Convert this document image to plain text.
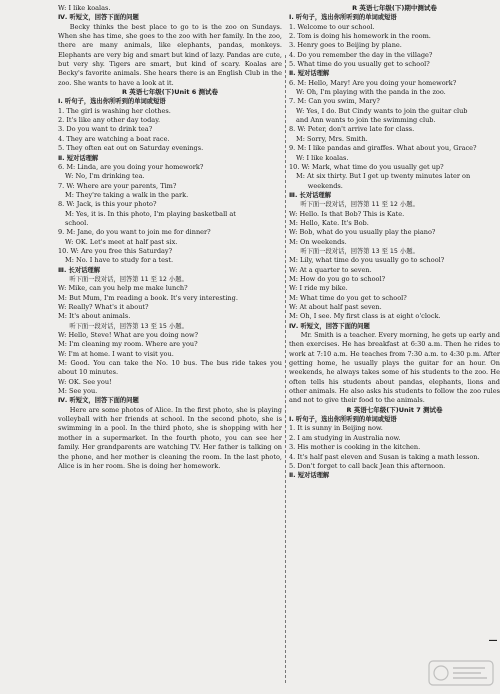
W: I like koalas.
Ⅳ. 听短文，回答下面的问题
Becky thinks the best place to go to is the zoo on Sundays. When she has time, she goes to the zoo with her family. In the zoo, there are many animals, like elephants, pandas, monkeys. Elephants are very big and smart but kind of lazy. Pandas are cute, but very shy. Tigers are smart, but kind of scary. Koalas are Becky's favorite animals. She hears there is an English Club in the zoo. She wants to have a look at it.
R 英语七年级(下)Unit 6 测试卷
Ⅰ. 听句子，选出你所听到的单词或短语
1. The girl is washing her clothes.
2. It's like any other day today.
3. Do you want to drink tea?
4. They are watching a boat race.
5. They often eat out on Saturday evenings.
Ⅱ. 短对话理解
6. M: Linda, are you doing your homework?
W: No, I'm drinking tea.
7. W: Where are your parents, Tim?
M: They're taking a walk in the park.
8. W: Jack, is this your photo?
M: Yes, it is. In this photo, I'm playing basketball at
school.
9. M: Jane, do you want to join me for dinner?
W: OK. Let's meet at half past six.
10. W: Are you free this Saturday?
M: No. I have to study for a test.
Ⅲ. 长对话理解
听下面一段对话，回答第 11 至 12 小题。
W: Mike, can you help me make lunch?
M: But Mum, I'm reading a book. It's very interesting.
W: Really? What's it about?
M: It's about animals.
听下面一段对话，回答第 13 至 15 小题。
W: Hello, Steve! What are you doing now?
M: I'm cleaning my room. Where are you?
W: I'm at home. I want to visit you.
M: Good. You can take the No. 10 bus. The bus ride takes you about 10 minutes.
W: OK. See you!
M: See you.
Ⅳ. 听短文，回答下面的问题
Here are some photos of Alice. In the first photo, she is playing volleyball with her friends at school. In the second photo, she is swimming in a pool. In the third photo, she is shopping with her mother in a supermarket. In the fourth photo, you can see her family. Her grandparents are watching TV. Her father is talking on the phone, and her mother is cleaning the room. In the last photo, Alice is in her room. She is doing her homework.
R 英语七年级(下)期中测试卷
Ⅰ. 听句子，选出你所听到的单词或短语
1. Welcome to our school.
2. Tom is doing his homework in the room.
3. Henry goes to Beijing by plane.
4. Do you remember the day in the village?
5. What time do you usually get to school?
Ⅱ. 短对话理解
6. M: Hello, Mary! Are you doing your homework?
W: Oh, I'm playing with the panda in the zoo.
7. M: Can you swim, Mary?
W: Yes, I do. But Cindy wants to join the guitar club
and Ann wants to join the swimming club.
8. W: Peter, don't arrive late for class.
M: Sorry, Mrs. Smith.
9. M: I like pandas and giraffes. What about you, Grace?
W: I like koalas.
10. W: Mark, what time do you usually get up?
M: At six thirty. But I get up twenty minutes later on
weekends.
Ⅲ. 长对话理解
听下面一段对话，回答第 11 至 12 小题。
W: Hello. Is that Bob? This is Kate.
M: Hello, Kate. It's Bob.
W: Bob, what do you usually play the piano?
M: On weekends.
听下面一段对话，回答第 13 至 15 小题。
M: Lily, what time do you usually go to school?
W: At a quarter to seven.
M: How do you go to school?
W: I ride my bike.
M: What time do you get to school?
W: At about half past seven.
M: Oh, I see. My first class is at eight o'clock.
Ⅳ. 听短文，回答下面的问题
Mr. Smith is a teacher. Every morning, he gets up early and then exercises. He has breakfast at 6:30 a.m. Then he rides to work at 7:10 a.m. He teaches from 7:30 a.m. to 4:30 p.m. After getting home, he usually plays the guitar for an hour. On weekends, he always takes some of his students to the zoo. He often tells his students about pandas, elephants, lions and other animals. He also asks his students to follow the zoo rules and not to give their food to the animals.
R 英语七年级(下)Unit 7 测试卷
Ⅰ. 听句子，选出你所听到的单词或短语
1. It is sunny in Beijing now.
2. I am studying in Australia now.
3. His mother is cooking in the kitchen.
4. It's half past eleven and Susan is taking a math lesson.
5. Don't forget to call back Jean this afternoon.
Ⅱ. 短对话理解
—
